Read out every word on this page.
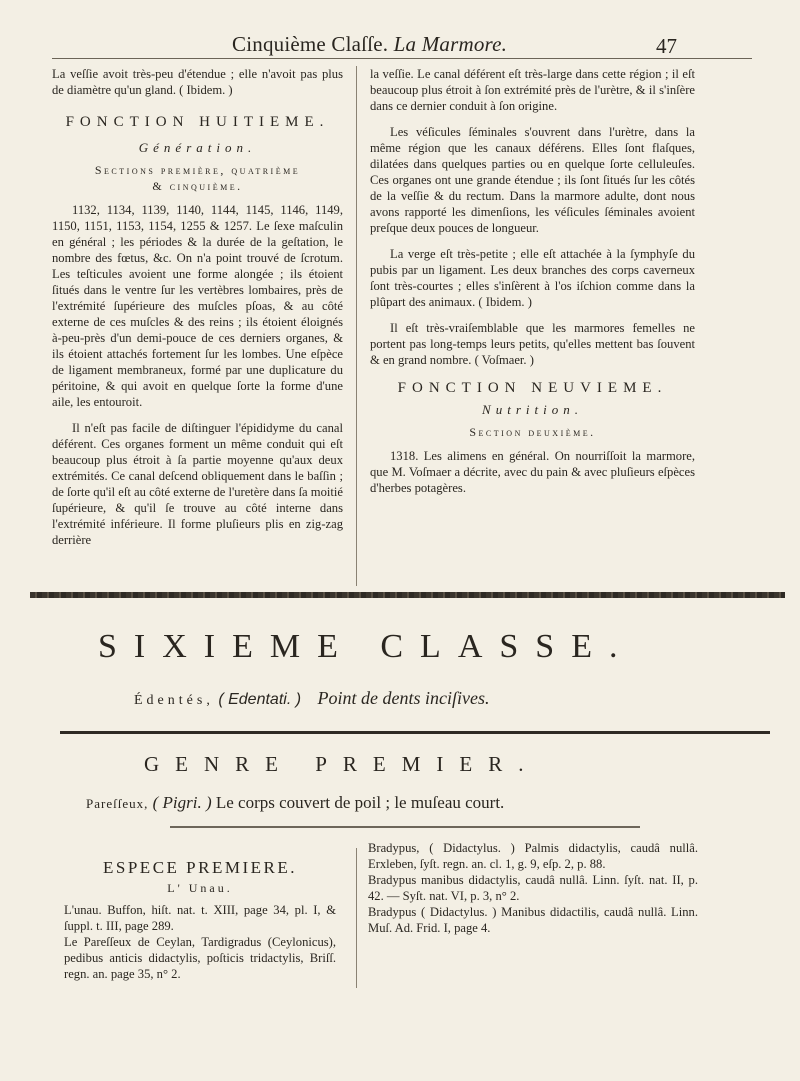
Cinquième Claſſe. La Marmore.	47

La veſſie avoit très-peu d'étendue ; elle n'avoit pas plus de diamètre qu'un gland. ( Ibidem. )

FONCTION HUITIEME.
Génération.
Sections première, quatrième
& cinquième.

1132, 1134, 1139, 1140, 1144, 1145, 1146, 1149, 1150, 1151, 1153, 1154, 1255 & 1257. Le ſexe maſculin en général ; les périodes & la durée de la geſtation, le nombre des fœtus, &c. On n'a point trouvé de ſcrotum. Les teſticules avoient une forme alongée ; ils étoient ſitués dans le ventre ſur les vertèbres lombaires, près de l'extrémité ſupérieure des muſcles pſoas, & au côté externe de ces muſcles & des reins ; ils étoient éloignés à-peu-près d'un demi-pouce de ces derniers organes, & ils étoient attachés fortement ſur les lombes. Une eſpèce de ligament membraneux, formé par une duplicature du péritoine, & qui avoit en quelque ſorte la forme d'une aile, les entouroit.

Il n'eſt pas facile de diſtinguer l'épididyme du canal déférent. Ces organes forment un même conduit qui eſt beaucoup plus étroit à ſa partie moyenne qu'aux deux extrémités. Ce canal deſcend obliquement dans le baſſin ; de ſorte qu'il eſt au côté externe de l'uretère dans ſa moitié ſupérieure, & qu'il ſe trouve au côté interne dans l'extrémité inférieure. Il forme pluſieurs plis en zig-zag derrière

la veſſie. Le canal déférent eſt très-large dans cette région ; il eſt beaucoup plus étroit à ſon extrémité près de l'urètre, & il s'inſère dans ce dernier conduit à ſon origine.

Les véſicules ſéminales s'ouvrent dans l'urètre, dans la même région que les canaux déférens. Elles ſont flaſques, dilatées dans quelques parties ou en quelque ſorte celluleuſes. Ces organes ont une grande étendue ; ils ſont ſitués ſur les côtés de la veſſie & du rectum. Dans la marmore adulte, dont nous avons rapporté les dimenſions, les véſicules ſéminales avoient preſque deux pouces de longueur.

La verge eſt très-petite ; elle eſt attachée à la ſymphyſe du pubis par un ligament. Les deux branches des corps caverneux ſont très-courtes ; elles s'inſèrent à l'os iſchion comme dans la plûpart des animaux. ( Ibidem. )

Il eſt très-vraiſemblable que les marmores femelles ne portent pas long-temps leurs petits, qu'elles mettent bas ſouvent & en grand nombre. ( Voſmaer. )

FONCTION NEUVIEME.
Nutrition.
Section deuxième.

1318. Les alimens en général. On nourriſſoit la marmore, que M. Voſmaer a décrite, avec du pain & avec pluſieurs eſpèces d'herbes potagères.

SIXIEME CLASSE.
Édentés, ( Edentati. ) Point de dents inciſives.
GENRE PREMIER.
Pareſſeux, ( Pigri. ) Le corps couvert de poil ; le muſeau court.
ESPECE PREMIERE.
L' Unau.

L'unau. Buffon, hiſt. nat. t. XIII, page 34, pl. I, & ſuppl. t. III, page 289.

Le Pareſſeux de Ceylan, Tardigradus (Ceylonicus), pedibus anticis didactylis, poſticis tridactylis, Briſſ. regn. an. page 35, n° 2.

Bradypus, ( Didactylus. ) Palmis didactylis, caudâ nullâ. Erxleben, ſyſt. regn. an. cl. 1, g. 9, eſp. 2, p. 88.

Bradypus manibus didactylis, caudâ nullâ. Linn. ſyſt. nat. II, p. 42. — Syſt. nat. VI, p. 3, n° 2.

Bradypus ( Didactylus. ) Manibus didactilis, caudâ nullâ. Linn. Muſ. Ad. Frid. I, page 4.
